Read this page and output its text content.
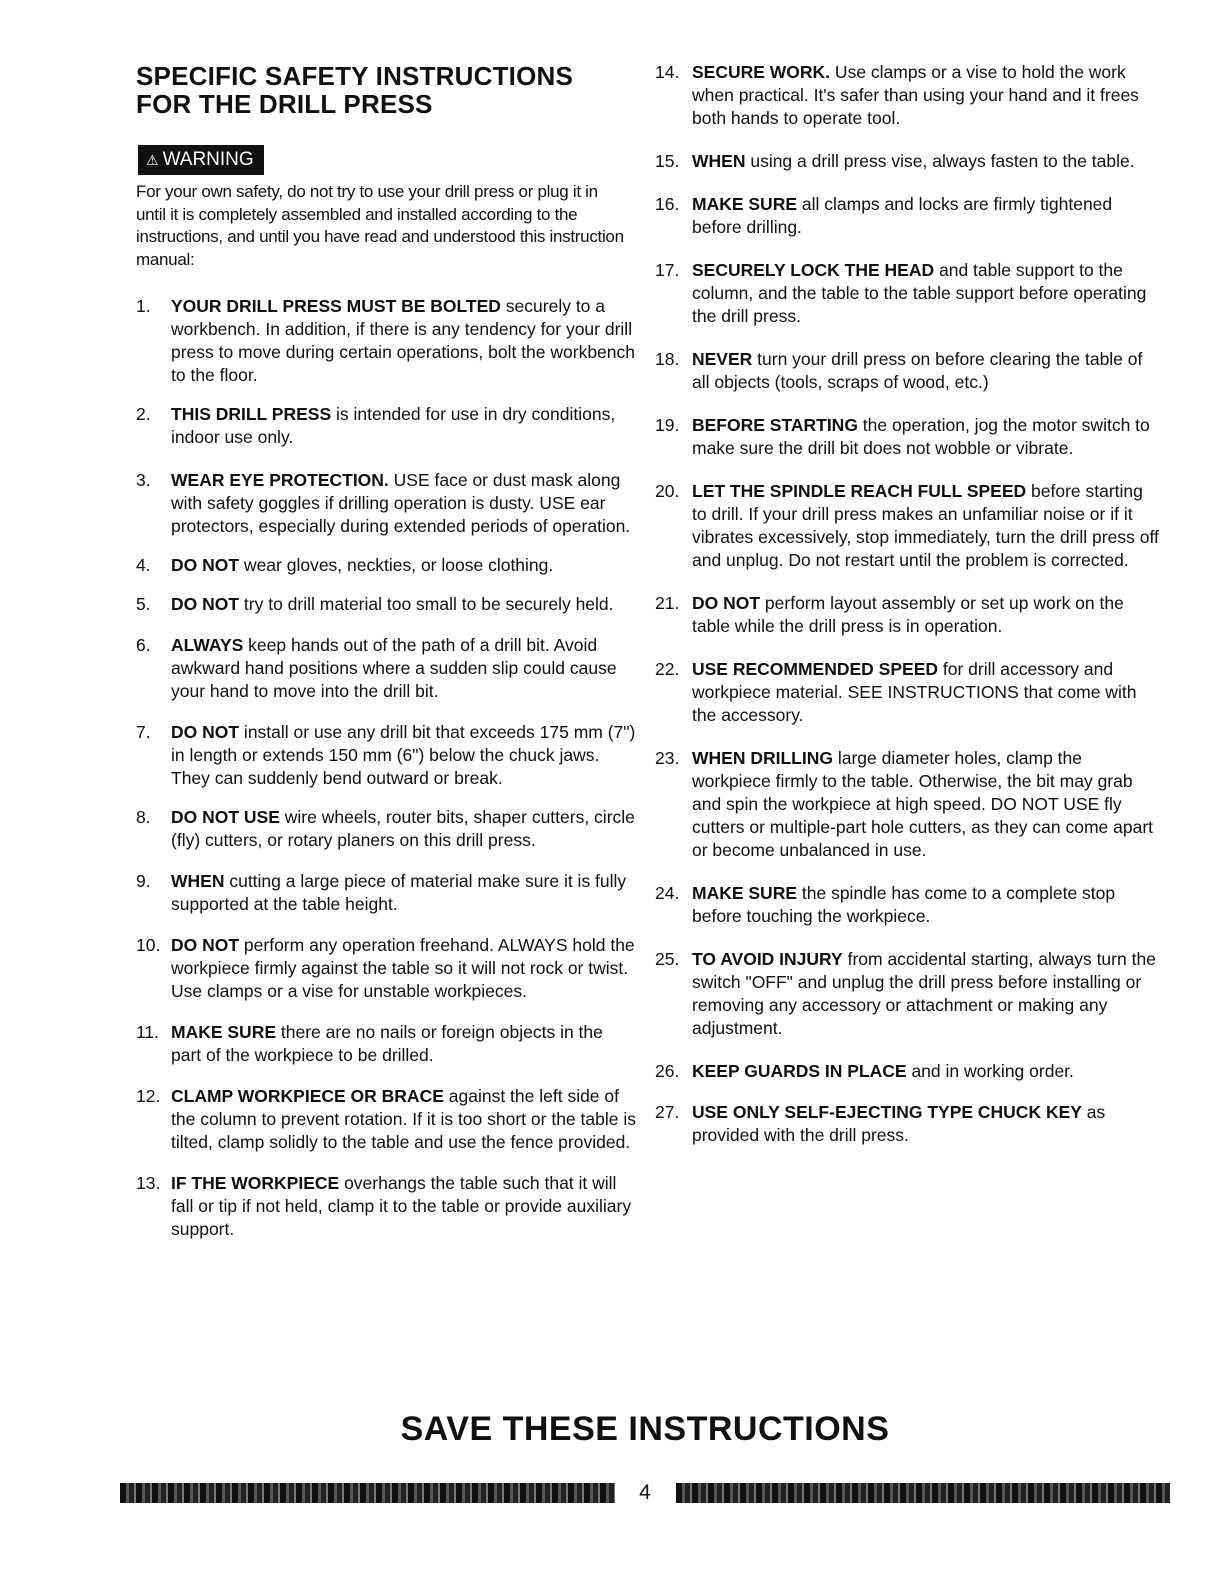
SPECIFIC SAFETY INSTRUCTIONS
FOR THE DRILL PRESS
⚠ WARNING
For your own safety, do not try to use your drill press or plug it in until it is completely assembled and installed according to the instructions, and until you have read and understood this instruction manual:
1.	YOUR DRILL PRESS MUST BE BOLTED securely to a workbench. In addition, if there is any tendency for your drill press to move during certain operations, bolt the workbench to the floor.
2.	THIS DRILL PRESS is intended for use in dry conditions, indoor use only.
3.	WEAR EYE PROTECTION. USE face or dust mask along with safety goggles if drilling operation is dusty. USE ear protectors, especially during extended periods of operation.
4.	DO NOT wear gloves, neckties, or loose clothing.
5.	DO NOT try to drill material too small to be securely held.
6.	ALWAYS keep hands out of the path of a drill bit. Avoid awkward hand positions where a sudden slip could cause your hand to move into the drill bit.
7.	DO NOT install or use any drill bit that exceeds 175 mm (7") in length or extends 150 mm (6") below the chuck jaws. They can suddenly bend outward or break.
8.	DO NOT USE wire wheels, router bits, shaper cutters, circle (fly) cutters, or rotary planers on this drill press.
9.	WHEN cutting a large piece of material make sure it is fully supported at the table height.
10. DO NOT perform any operation freehand. ALWAYS hold the workpiece firmly against the table so it will not rock or twist. Use clamps or a vise for unstable workpieces.
11. MAKE SURE there are no nails or foreign objects in the part of the workpiece to be drilled.
12. CLAMP WORKPIECE OR BRACE against the left side of the column to prevent rotation. If it is too short or the table is tilted, clamp solidly to the table and use the fence provided.
13. IF THE WORKPIECE overhangs the table such that it will fall or tip if not held, clamp it to the table or provide auxiliary support.
14. SECURE WORK. Use clamps or a vise to hold the work when practical. It's safer than using your hand and it frees both hands to operate tool.
15. WHEN using a drill press vise, always fasten to the table.
16. MAKE SURE all clamps and locks are firmly tightened before drilling.
17. SECURELY LOCK THE HEAD and table support to the column, and the table to the table support before operating the drill press.
18. NEVER turn your drill press on before clearing the table of all objects (tools, scraps of wood, etc.)
19. BEFORE STARTING the operation, jog the motor switch to make sure the drill bit does not wobble or vibrate.
20. LET THE SPINDLE REACH FULL SPEED before starting to drill. If your drill press makes an unfamiliar noise or if it vibrates excessively, stop immediately, turn the drill press off and unplug. Do not restart until the problem is corrected.
21. DO NOT perform layout assembly or set up work on the table while the drill press is in operation.
22. USE RECOMMENDED SPEED for drill accessory and workpiece material. SEE INSTRUCTIONS that come with the accessory.
23. WHEN DRILLING large diameter holes, clamp the workpiece firmly to the table. Otherwise, the bit may grab and spin the workpiece at high speed. DO NOT USE fly cutters or multiple-part hole cutters, as they can come apart or become unbalanced in use.
24. MAKE SURE the spindle has come to a complete stop before touching the workpiece.
25. TO AVOID INJURY from accidental starting, always turn the switch "OFF" and unplug the drill press before installing or removing any accessory or attachment or making any adjustment.
26. KEEP GUARDS IN PLACE and in working order.
27. USE ONLY SELF-EJECTING TYPE CHUCK KEY as provided with the drill press.
SAVE THESE INSTRUCTIONS
4
